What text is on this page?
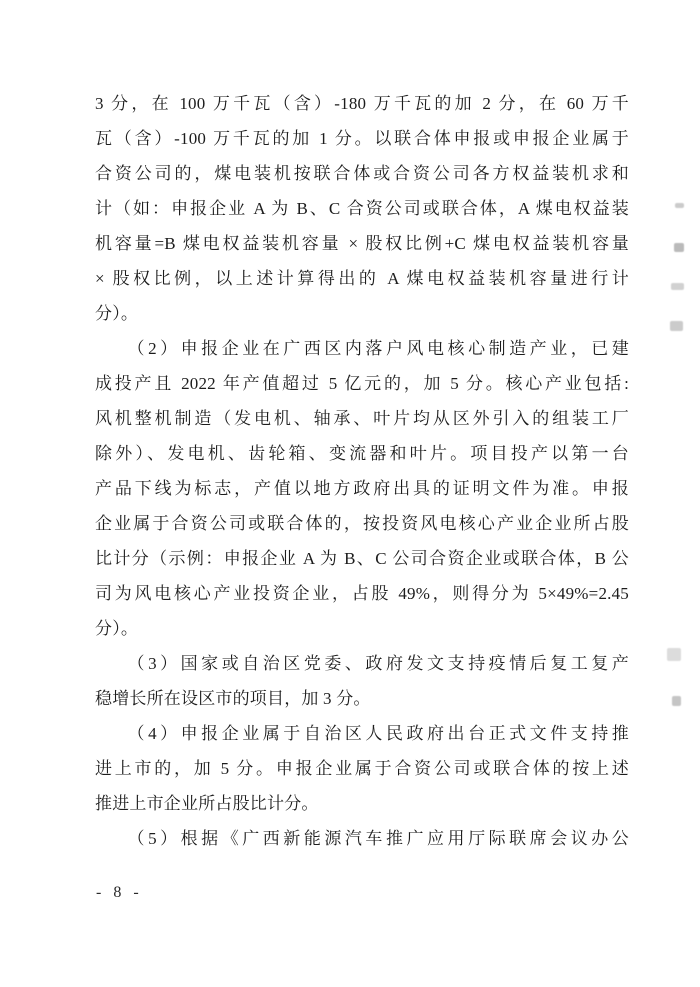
3 分，在 100 万千瓦（含）-180 万千瓦的加 2 分，在 60 万千
瓦（含）-100 万千瓦的加 1 分。以联合体申报或申报企业属于
合资公司的，煤电装机按联合体或合资公司各方权益装机求和
计（如：申报企业 A 为 B、C 合资公司或联合体，A 煤电权益装
机容量=B 煤电权益装机容量 × 股权比例+C 煤电权益装机容量
× 股权比例，以上述计算得出的 A 煤电权益装机容量进行计
分）。
　　（2）申报企业在广西区内落户风电核心制造产业，已建
成投产且 2022 年产值超过 5 亿元的，加 5 分。核心产业包括:
风机整机制造（发电机、轴承、叶片均从区外引入的组装工厂
除外）、发电机、齿轮箱、变流器和叶片。项目投产以第一台
产品下线为标志，产值以地方政府出具的证明文件为准。申报
企业属于合资公司或联合体的，按投资风电核心产业企业所占股
比计分（示例：申报企业 A 为 B、C 公司合资企业或联合体，B 公
司为风电核心产业投资企业，占股 49%，则得分为 5×49%=2.45
分）。
　　（3）国家或自治区党委、政府发文支持疫情后复工复产
稳增长所在设区市的项目，加 3 分。
　　（4）申报企业属于自治区人民政府出台正式文件支持推
进上市的，加 5 分。申报企业属于合资公司或联合体的按上述
推进上市企业所占股比计分。
　　（5）根据《广西新能源汽车推广应用厅际联席会议办公
- 8 -
